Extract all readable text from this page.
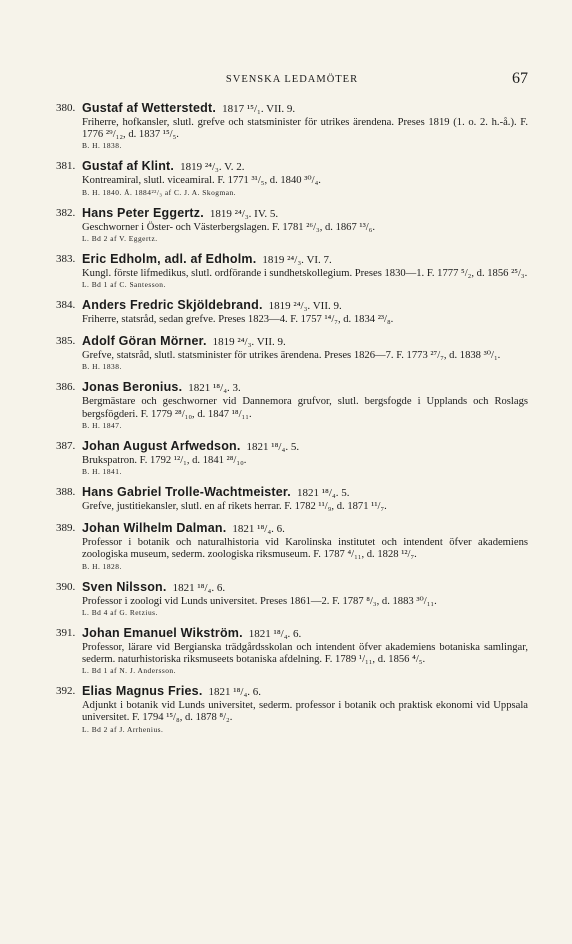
SVENSKA LEDAMÖTER	67
380. Gustaf af Wetterstedt. 1817 ¹⁵/₁. VII. 9.
Friherre, hofkansler, slutl. grefve och statsminister för utrikes ärendena. Preses 1819 (1. o. 2. h.-å.). F. 1776 ²⁹/₁₂, d. 1837 ¹⁵/₅.
B. H. 1838.
381. Gustaf af Klint. 1819 ²⁴/₃. V. 2.
Kontreamiral, slutl. viceamiral. F. 1771 ³¹/₅, d. 1840 ³⁰/₄.
B. H. 1840. Å. 1884²²/₃ af C. J. A. Skogman.
382. Hans Peter Eggertz. 1819 ²⁴/₃. IV. 5.
Geschworner i Öster- och Västerbergslagen. F. 1781 ²⁶/₃, d. 1867 ¹³/₆.
L. Bd 2 af V. Eggertz.
383. Eric Edholm, adl. af Edholm. 1819 ²⁴/₃. VI. 7.
Kungl. förste lifmedikus, slutl. ordförande i sundhetskollegium. Preses 1830—1. F. 1777 ⁵/₂, d. 1856 ²⁵/₃.
L. Bd 1 af C. Santesson.
384. Anders Fredric Skjöldebrand. 1819 ²⁴/₃. VII. 9.
Friherre, statsråd, sedan grefve. Preses 1823—4. F. 1757 ¹⁴/₇, d. 1834 ²³/₈.
385. Adolf Göran Mörner. 1819 ²⁴/₃. VII. 9.
Grefve, statsråd, slutl. statsminister för utrikes ärendena. Preses 1826—7. F. 1773 ²⁷/₇, d. 1838 ³⁰/₁.
B. H. 1838.
386. Jonas Beronius. 1821 ¹⁸/₄. 3.
Bergmästare och geschworner vid Dannemora grufvor, slutl. bergsfogde i Upplands och Roslags bergsfögderi. F. 1779 ²⁸/₁₀, d. 1847 ¹⁸/₁₁.
B. H. 1847.
387. Johan August Arfwedson. 1821 ¹⁸/₄. 5.
Brukspatron. F. 1792 ¹²/₁, d. 1841 ²⁸/₁₀.
B. H. 1841.
388. Hans Gabriel Trolle-Wachtmeister. 1821 ¹⁸/₄. 5.
Grefve, justitiekansler, slutl. en af rikets herrar. F. 1782 ¹¹/₉, d. 1871 ¹¹/₇.
389. Johan Wilhelm Dalman. 1821 ¹⁸/₄. 6.
Professor i botanik och naturalhistoria vid Karolinska institutet och intendent öfver akademiens zoologiska museum, sederm. zoologiska riksmuseum. F. 1787 ⁴/₁₁, d. 1828 ¹²/₇.
B. H. 1828.
390. Sven Nilsson. 1821 ¹⁸/₄. 6.
Professor i zoologi vid Lunds universitet. Preses 1861—2. F. 1787 ⁸/₃, d. 1883 ³⁰/₁₁.
L. Bd 4 af G. Retzius.
391. Johan Emanuel Wikström. 1821 ¹⁸/₄. 6.
Professor, lärare vid Bergianska trädgårdsskolan och intendent öfver akademiens botaniska samlingar, sederm. naturhistoriska riksmuseets botaniska afdelning. F. 1789 ¹/₁₁, d. 1856 ⁴/₅.
L. Bd 1 af N. J. Andersson.
392. Elias Magnus Fries. 1821 ¹⁸/₄. 6.
Adjunkt i botanik vid Lunds universitet, sederm. professor i botanik och praktisk ekonomi vid Uppsala universitet. F. 1794 ¹⁵/₈, d. 1878 ⁸/₂.
L. Bd 2 af J. Arrhenius.
